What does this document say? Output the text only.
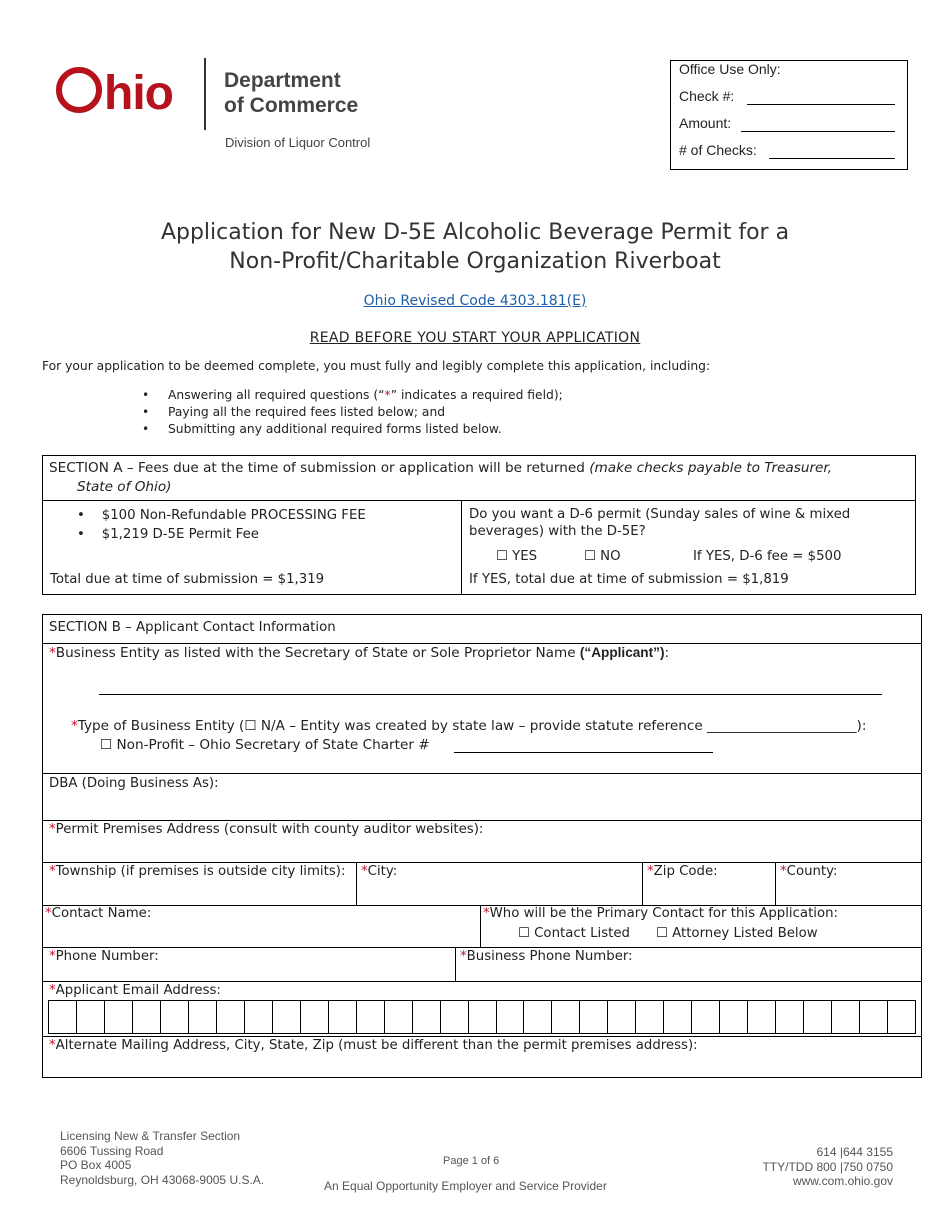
hio Department
of Commerce
Division of Liquor Control
Office Use Only:
Check #:
Amount:
# of Checks:
Application for New D-5E Alcoholic Beverage Permit for a
Non-Profit/Charitable Organization Riverboat
Ohio Revised Code 4303.181(E)
READ BEFORE YOU START YOUR APPLICATION
For your application to be deemed complete, you must fully and legibly complete this application, including:
• Answering all required questions (“*” indicates a required field);
• Paying all the required fees listed below; and
• Submitting any additional required forms listed below.
SECTION A – Fees due at the time of submission or application will be returned (make checks payable to Treasurer,
State of Ohio)
•    $100 Non-Refundable PROCESSING FEE
•    $1,219 D-5E Permit Fee
Total due at time of submission = $1,319
Do you want a D-6 permit (Sunday sales of wine & mixed
beverages) with the D-5E?
☐ YES	☐ NO	If YES, D-6 fee = $500
If YES, total due at time of submission = $1,819
SECTION B – Applicant Contact Information
*Business Entity as listed with the Secretary of State or Sole Proprietor Name (“Applicant”):
*Type of Business Entity (☐ N/A – Entity was created by state law – provide statute reference ______________________):
☐ Non-Profit – Ohio Secretary of State Charter #
DBA (Doing Business As):
*Permit Premises Address (consult with county auditor websites):
*Township (if premises is outside city limits): *City:	*Zip Code:	*County:
*Contact Name:	*Who will be the Primary Contact for this Application:
☐ Contact Listed ☐ Attorney Listed Below
*Phone Number:	*Business Phone Number:
*Applicant Email Address:
*Alternate Mailing Address, City, State, Zip (must be different than the permit premises address):
Licensing New & Transfer Section
6606 Tussing Road
PO Box 4005
Reynoldsburg, OH 43068-9005 U.S.A.
Page 1 of 6
An Equal Opportunity Employer and Service Provider
614 |644 3155
TTY/TDD 800 |750 0750
www.com.ohio.gov
